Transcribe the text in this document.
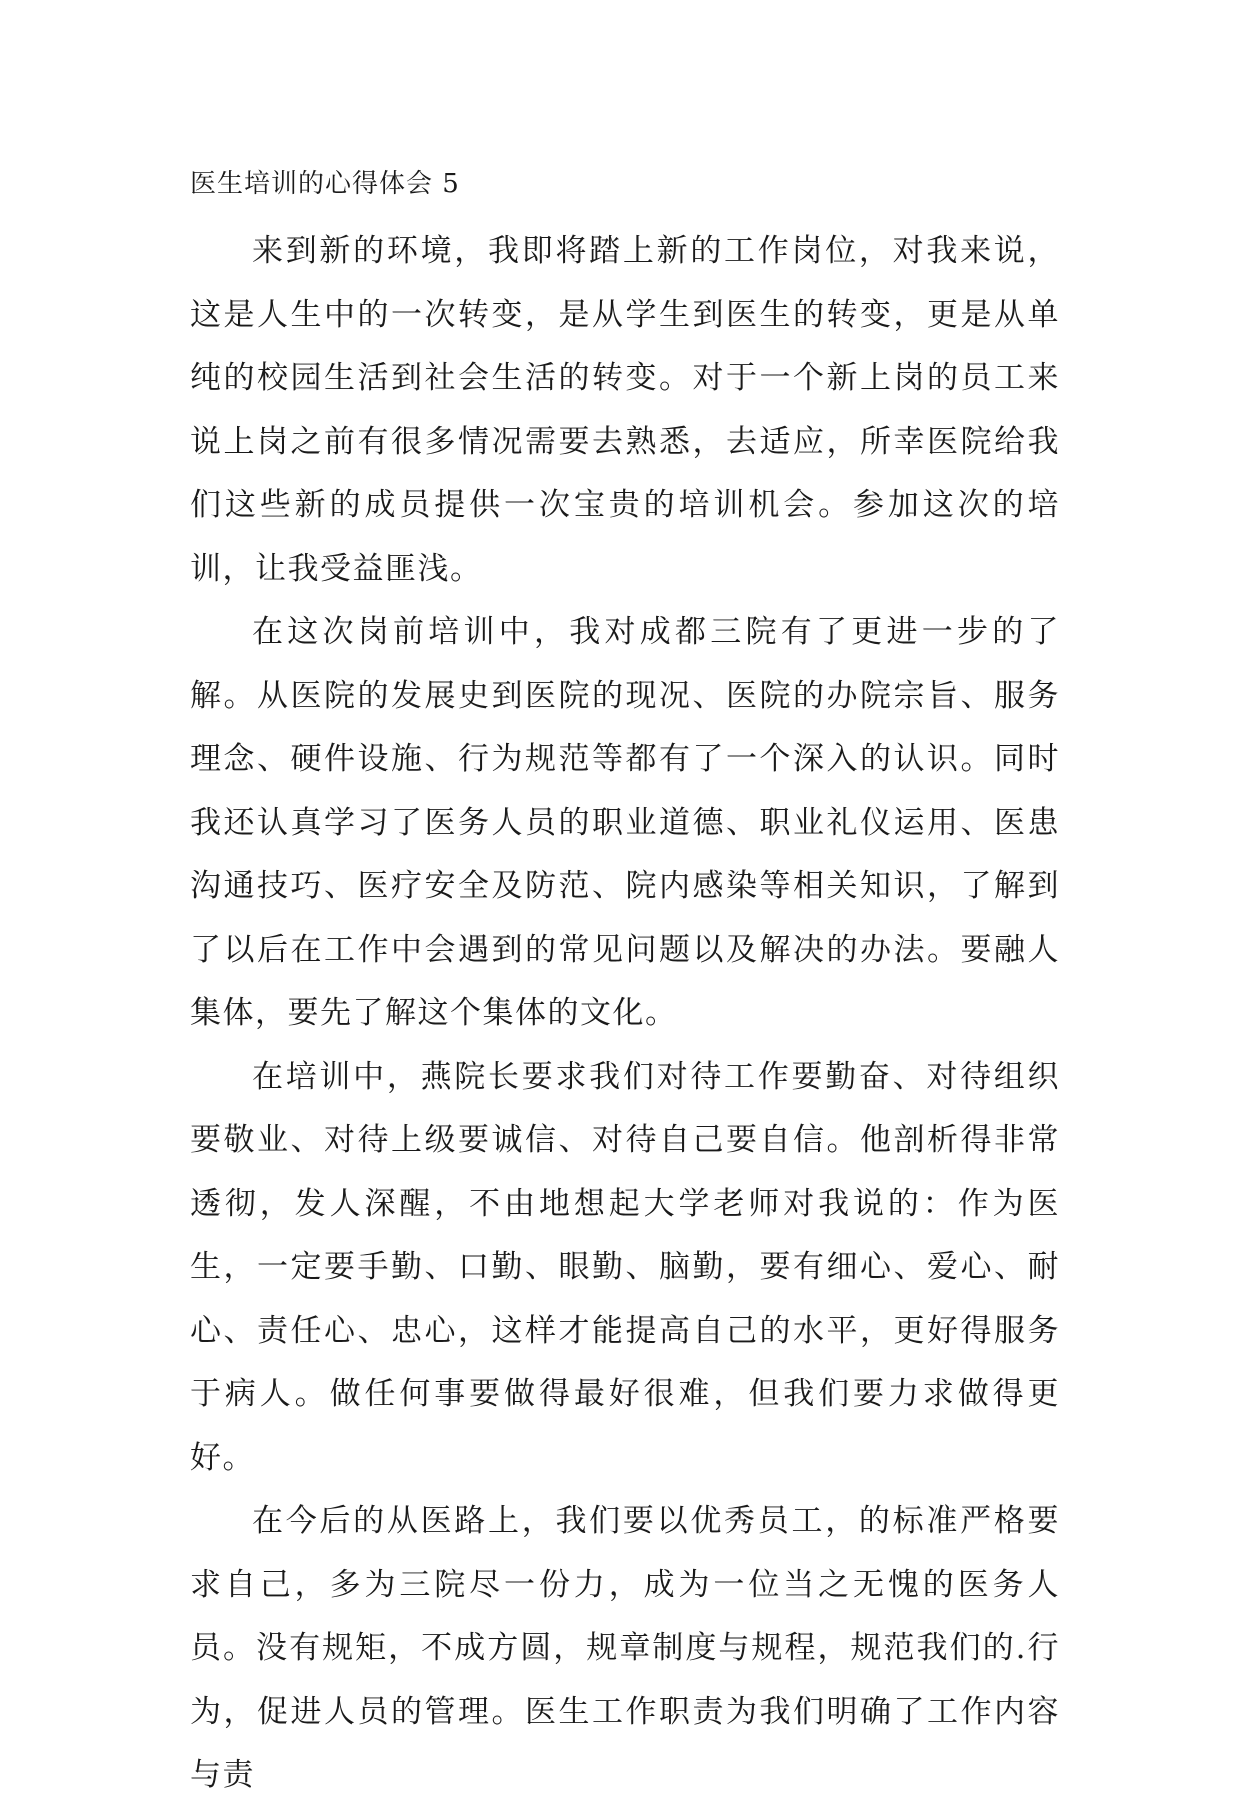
医生培训的心得体会 5

来到新的环境，我即将踏上新的工作岗位，对我来说，这是人生中的一次转变，是从学生到医生的转变，更是从单纯的校园生活到社会生活的转变。对于一个新上岗的员工来说上岗之前有很多情况需要去熟悉，去适应，所幸医院给我们这些新的成员提供一次宝贵的培训机会。参加这次的培训，让我受益匪浅。

在这次岗前培训中，我对成都三院有了更进一步的了解。从医院的发展史到医院的现况、医院的办院宗旨、服务理念、硬件设施、行为规范等都有了一个深入的认识。同时我还认真学习了医务人员的职业道德、职业礼仪运用、医患沟通技巧、医疗安全及防范、院内感染等相关知识，了解到了以后在工作中会遇到的常见问题以及解决的办法。要融人集体，要先了解这个集体的文化。

在培训中，燕院长要求我们对待工作要勤奋、对待组织要敬业、对待上级要诚信、对待自己要自信。他剖析得非常透彻，发人深醒，不由地想起大学老师对我说的：作为医生，一定要手勤、口勤、眼勤、脑勤，要有细心、爱心、耐心、责任心、忠心，这样才能提高自己的水平，更好得服务于病人。做任何事要做得最好很难，但我们要力求做得更好。

在今后的从医路上，我们要以优秀员工，的标准严格要求自己，多为三院尽一份力，成为一位当之无愧的医务人员。没有规矩，不成方圆，规章制度与规程，规范我们的.行为，促进人员的管理。医生工作职责为我们明确了工作内容与责
